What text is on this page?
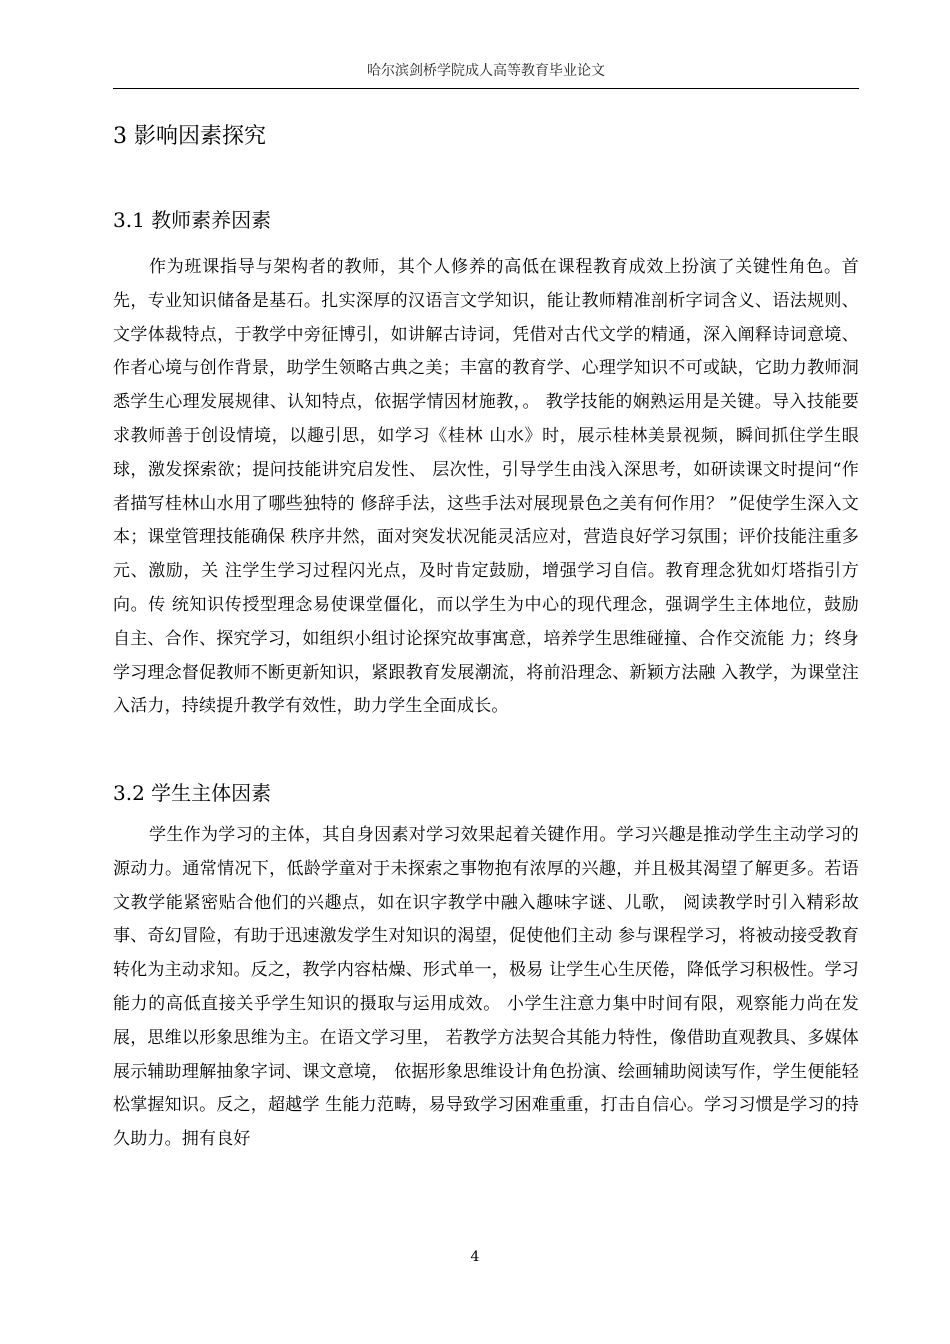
哈尔滨剑桥学院成人高等教育毕业论文
3 影响因素探究
3.1 教师素养因素

作为班课指导与架构者的教师，其个人修养的高低在课程教育成效上扮演了关键性角色。首先，专业知识储备是基石。扎实深厚的汉语言文学知识，能让教师精准剖析字词含义、语法规则、文学体裁特点，于教学中旁征博引，如讲解古诗词，凭借对古代文学的精通，深入阐释诗词意境、作者心境与创作背景，助学生领略古典之美；丰富的教育学、心理学知识不可或缺，它助力教师洞悉学生心理发展规律、认知特点，依据学情因材施教，。 教学技能的娴熟运用是关键。导入技能要求教师善于创设情境，以趣引思，如学习《桂林 山水》时，展示桂林美景视频，瞬间抓住学生眼球，激发探索欲；提问技能讲究启发性、 层次性，引导学生由浅入深思考，如研读课文时提问“作者描写桂林山水用了哪些独特的 修辞手法，这些手法对展现景色之美有何作用？ ”促使学生深入文本；课堂管理技能确保 秩序井然，面对突发状况能灵活应对，营造良好学习氛围；评价技能注重多元、激励，关 注学生学习过程闪光点，及时肯定鼓励，增强学习自信。教育理念犹如灯塔指引方向。传 统知识传授型理念易使课堂僵化，而以学生为中心的现代理念，强调学生主体地位，鼓励 自主、合作、探究学习，如组织小组讨论探究故事寓意，培养学生思维碰撞、合作交流能 力；终身学习理念督促教师不断更新知识，紧跟教育发展潮流，将前沿理念、新颖方法融 入教学，为课堂注入活力，持续提升教学有效性，助力学生全面成长。

3.2 学生主体因素

学生作为学习的主体，其自身因素对学习效果起着关键作用。学习兴趣是推动学生主动学习的源动力。通常情况下，低龄学童对于未探索之事物抱有浓厚的兴趣，并且极其渴望了解更多。若语文教学能紧密贴合他们的兴趣点，如在识字教学中融入趣味字谜、儿歌， 阅读教学时引入精彩故事、奇幻冒险，有助于迅速激发学生对知识的渴望，促使他们主动 参与课程学习，将被动接受教育转化为主动求知。反之，教学内容枯燥、形式单一，极易 让学生心生厌倦，降低学习积极性。学习能力的高低直接关乎学生知识的摄取与运用成效。 小学生注意力集中时间有限，观察能力尚在发展，思维以形象思维为主。在语文学习里， 若教学方法契合其能力特性，像借助直观教具、多媒体展示辅助理解抽象字词、课文意境， 依据形象思维设计角色扮演、绘画辅助阅读写作，学生便能轻松掌握知识。反之，超越学 生能力范畴，易导致学习困难重重，打击自信心。学习习惯是学习的持久助力。拥有良好

4
